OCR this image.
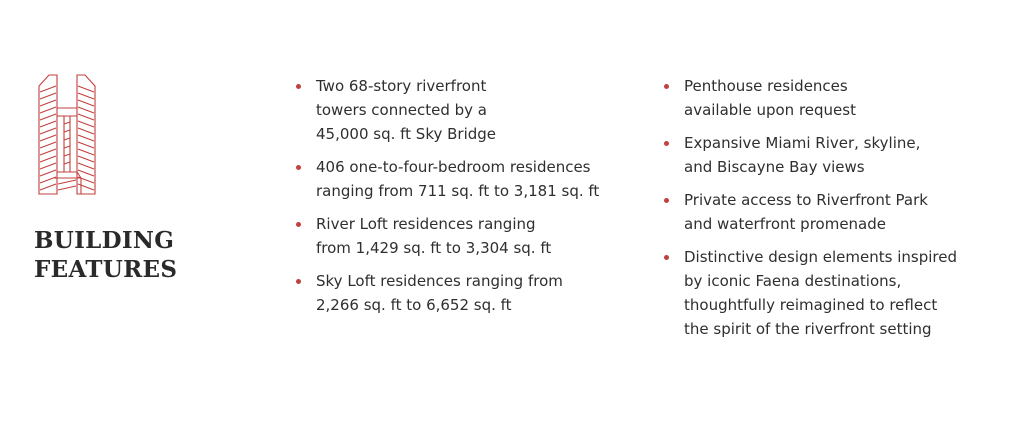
BUILDING
FEATURES
Two 68-story riverfront
towers connected by a
45,000 sq. ft Sky Bridge
406 one-to-four-bedroom residences
ranging from 711 sq. ft to 3,181 sq. ft
River Loft residences ranging
from 1,429 sq. ft to 3,304 sq. ft
Sky Loft residences ranging from
2,266 sq. ft to 6,652 sq. ft
Penthouse residences
available upon request
Expansive Miami River, skyline,
and Biscayne Bay views
Private access to Riverfront Park
and waterfront promenade
Distinctive design elements inspired
by iconic Faena destinations,
thoughtfully reimagined to reflect
the spirit of the riverfront setting
